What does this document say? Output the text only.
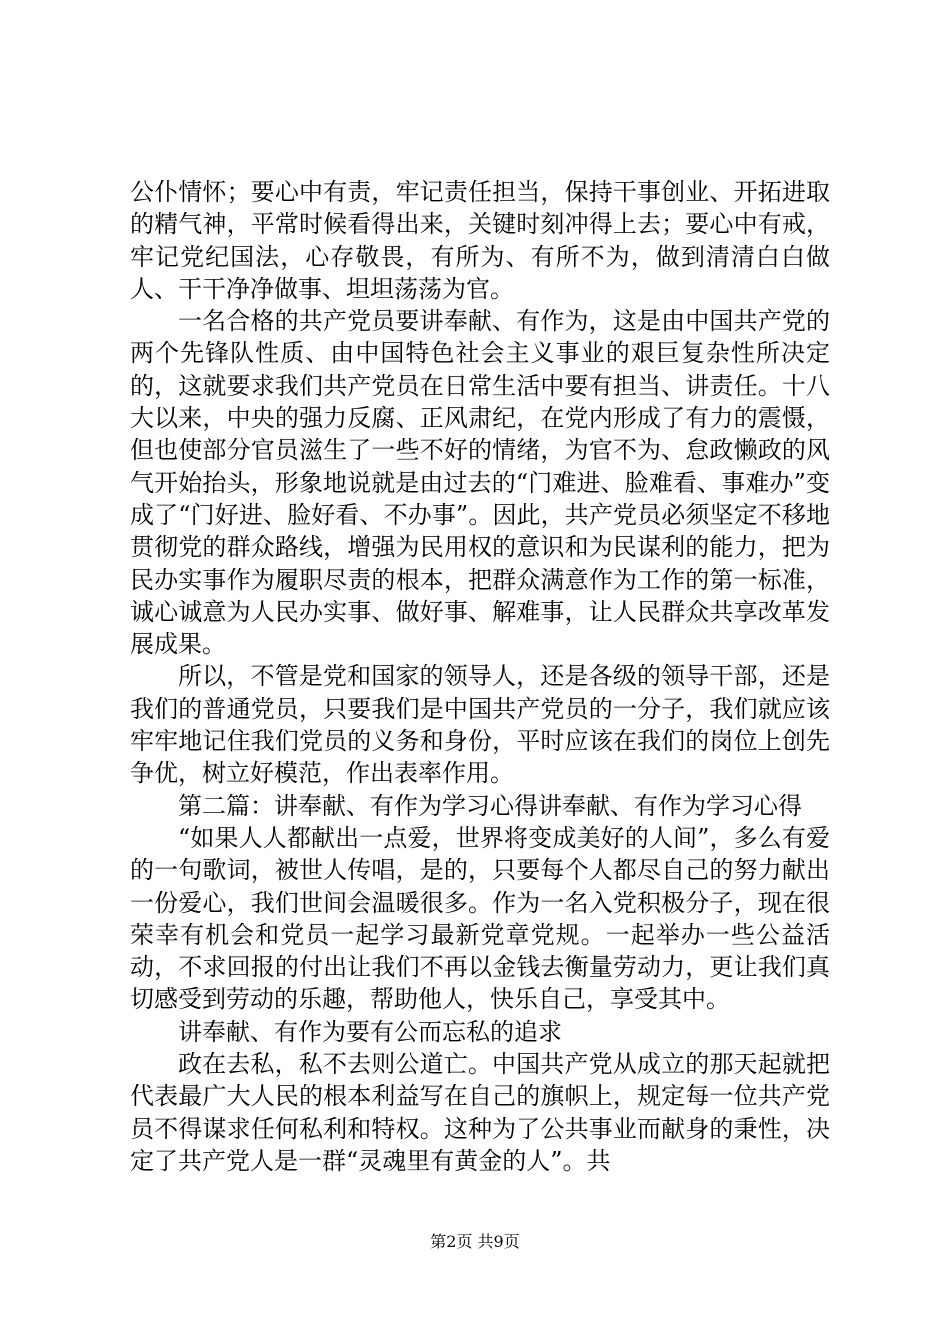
公仆情怀；要心中有责，牢记责任担当，保持干事创业、开拓进取的精气神，平常时候看得出来，关键时刻冲得上去；要心中有戒，牢记党纪国法，心存敬畏，有所为、有所不为，做到清清白白做人、干干净净做事、坦坦荡荡为官。

一名合格的共产党员要讲奉献、有作为，这是由中国共产党的两个先锋队性质、由中国特色社会主义事业的艰巨复杂性所决定的，这就要求我们共产党员在日常生活中要有担当、讲责任。十八大以来，中央的强力反腐、正风肃纪，在党内形成了有力的震慑，但也使部分官员滋生了一些不好的情绪，为官不为、怠政懒政的风气开始抬头，形象地说就是由过去的“门难进、脸难看、事难办”变成了“门好进、脸好看、不办事”。因此，共产党员必须坚定不移地贯彻党的群众路线，增强为民用权的意识和为民谋利的能力，把为民办实事作为履职尽责的根本，把群众满意作为工作的第一标准，诚心诚意为人民办实事、做好事、解难事，让人民群众共享改革发展成果。

所以，不管是党和国家的领导人，还是各级的领导干部，还是我们的普通党员，只要我们是中国共产党员的一分子，我们就应该牢牢地记住我们党员的义务和身份，平时应该在我们的岗位上创先争优，树立好模范，作出表率作用。

第二篇：讲奉献、有作为学习心得讲奉献、有作为学习心得

“如果人人都献出一点爱，世界将变成美好的人间”，多么有爱的一句歌词，被世人传唱，是的，只要每个人都尽自己的努力献出一份爱心，我们世间会温暖很多。作为一名入党积极分子，现在很荣幸有机会和党员一起学习最新党章党规。一起举办一些公益活动，不求回报的付出让我们不再以金钱去衡量劳动力，更让我们真切感受到劳动的乐趣，帮助他人，快乐自己，享受其中。

讲奉献、有作为要有公而忘私的追求

政在去私，私不去则公道亡。中国共产党从成立的那天起就把代表最广大人民的根本利益写在自己的旗帜上，规定每一位共产党员不得谋求任何私利和特权。这种为了公共事业而献身的秉性，决定了共产党人是一群“灵魂里有黄金的人”。共

第2页 共9页
